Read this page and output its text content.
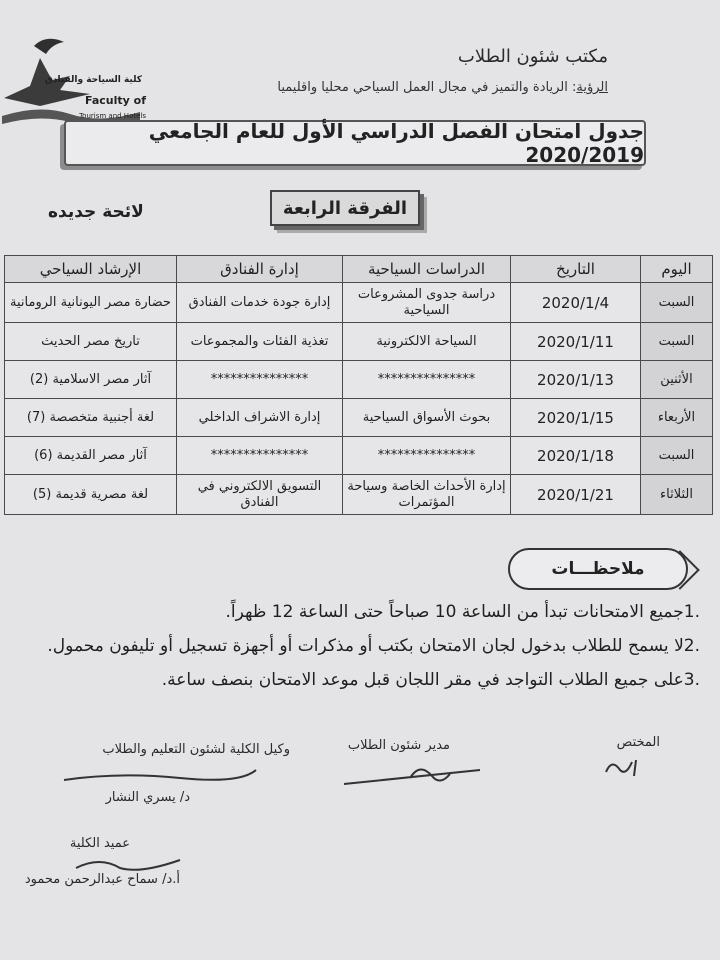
كلية السياحة والفنادق
Faculty of
Tourism and Hotels
مكتب شئون الطلاب
الرؤية: الريادة والتميز في مجال العمل السياحي محليا واقليميا
جدول امتحان الفصل الدراسي الأول للعام الجامعي 2020/2019
الفرقة الرابعة
لائحة جديده
اليوم	التاريخ	الدراسات السياحية	إدارة الفنادق	الإرشاد السياحي
السبت	2020/1/4	دراسة جدوى المشروعات السياحية	إدارة جودة خدمات الفنادق	حضارة مصر اليونانية الرومانية
السبت	2020/1/11	السياحة الالكترونية	تغذية الفئات والمجموعات	تاريخ مصر الحديث
الأثنين	2020/1/13	***************	***************	آثار مصر الاسلامية (2)
الأربعاء	2020/1/15	بحوث الأسواق السياحية	إدارة الاشراف الداخلي	لغة أجنبية متخصصة (7)
السبت	2020/1/18	***************	***************	آثار مصر القديمة (6)
الثلاثاء	2020/1/21	إدارة الأحداث الخاصة وسياحة المؤتمرات	التسويق الالكتروني في الفنادق	لغة مصرية قديمة (5)
ملاحظـــات
1.جميع الامتحانات تبدأ من الساعة 10 صباحاً حتى الساعة 12 ظهراً.
2.لا يسمح للطلاب بدخول لجان الامتحان بكتب أو مذكرات أو أجهزة تسجيل أو تليفون محمول.
3.على جميع الطلاب التواجد في مقر اللجان قبل موعد الامتحان بنصف ساعة.
المختص
مدير شئون الطلاب
وكيل الكلية لشئون التعليم والطلاب
د/ يسري النشار
عميد الكلية
أ.د/ سماح عبدالرحمن محمود
